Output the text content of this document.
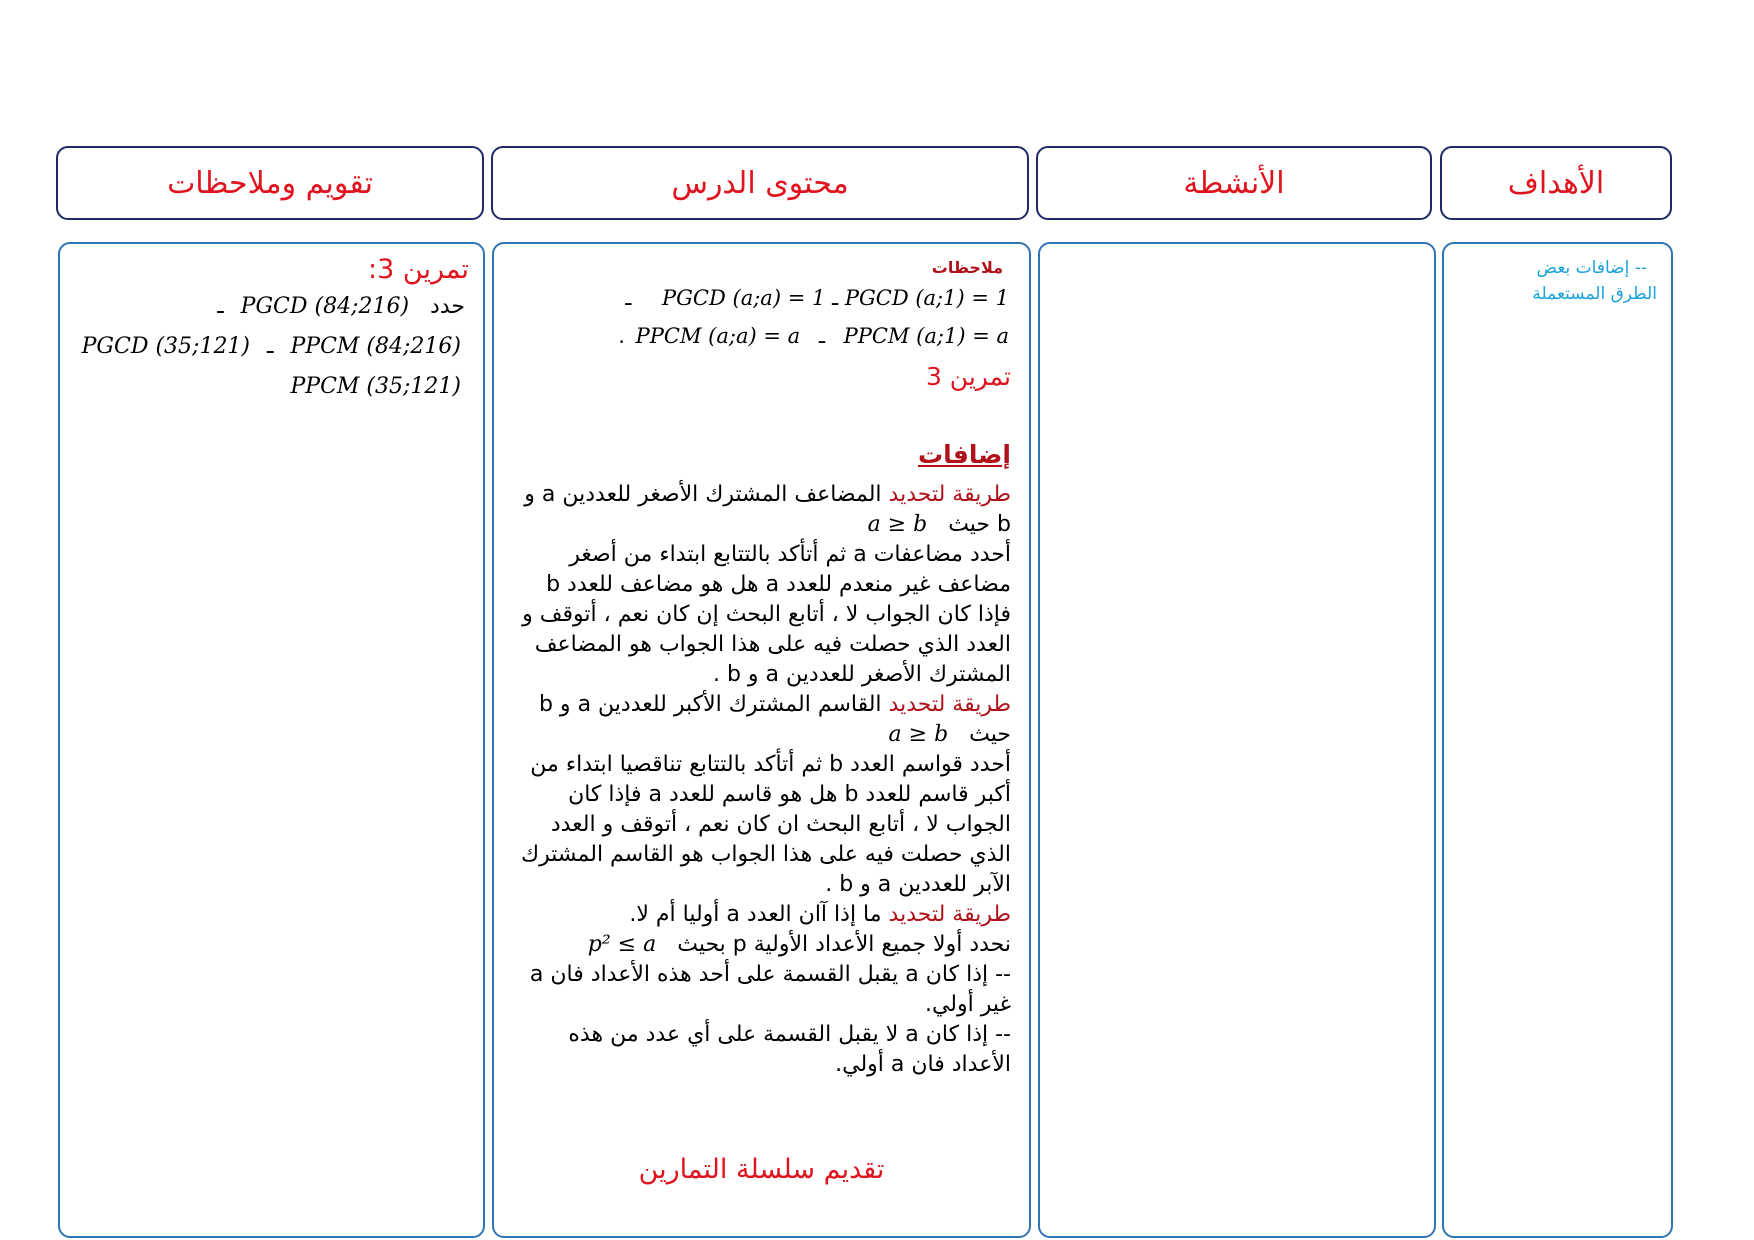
تقويم وملاحظات	محتوى الدرس	الأنشطة	الأهداف
تمرين 3:
حدد PGCD (84;216) ـ
PGCD (35;121) ـ PPCM (84;216)
PPCM (35;121)
ملاحظات
ـ PGCD (a;a) = 1 ـ	PGCD (a;1) = 1
. PPCM (a;a) = a ـ PPCM (a;1) = a
تمرين 3
إضافات

طريقة لتحديد المضاعف المشترك الأصغر للعددين a و b حيث a ≥ b

أحدد مضاعفات a ثم أتأكد بالتتابع ابتداء من أصغر مضاعف غير منعدم للعدد a هل هو مضاعف للعدد b فإذا كان الجواب لا ، أتابع البحث إن كان نعم ، أتوقف و العدد الذي حصلت فيه على هذا الجواب هو المضاعف المشترك الأصغر للعددين a و b .

طريقة لتحديد القاسم المشترك الأكبر للعددين a و b حيث a ≥ b

أحدد قواسم العدد b ثم أتأكد بالتتابع تناقصيا ابتداء من أكبر قاسم للعدد b هل هو قاسم للعدد a فإذا كان الجواب لا ، أتابع البحث ان كان نعم ، أتوقف و العدد الذي حصلت فيه على هذا الجواب هو القاسم المشترك الآبر للعددين a و b .

طريقة لتحديد ما إذا آان العدد a أوليا أم لا.

نحدد أولا جميع الأعداد الأولية p بحيث p² ≤ a

-- إذا كان a يقبل القسمة على أحد هذه الأعداد فان a غير أولي.

-- إذا كان a لا يقبل القسمة على أي عدد من هذه الأعداد فان a أولي.

تقديم سلسلة التمارين
-- إضافات بعض
الطرق المستعملة
